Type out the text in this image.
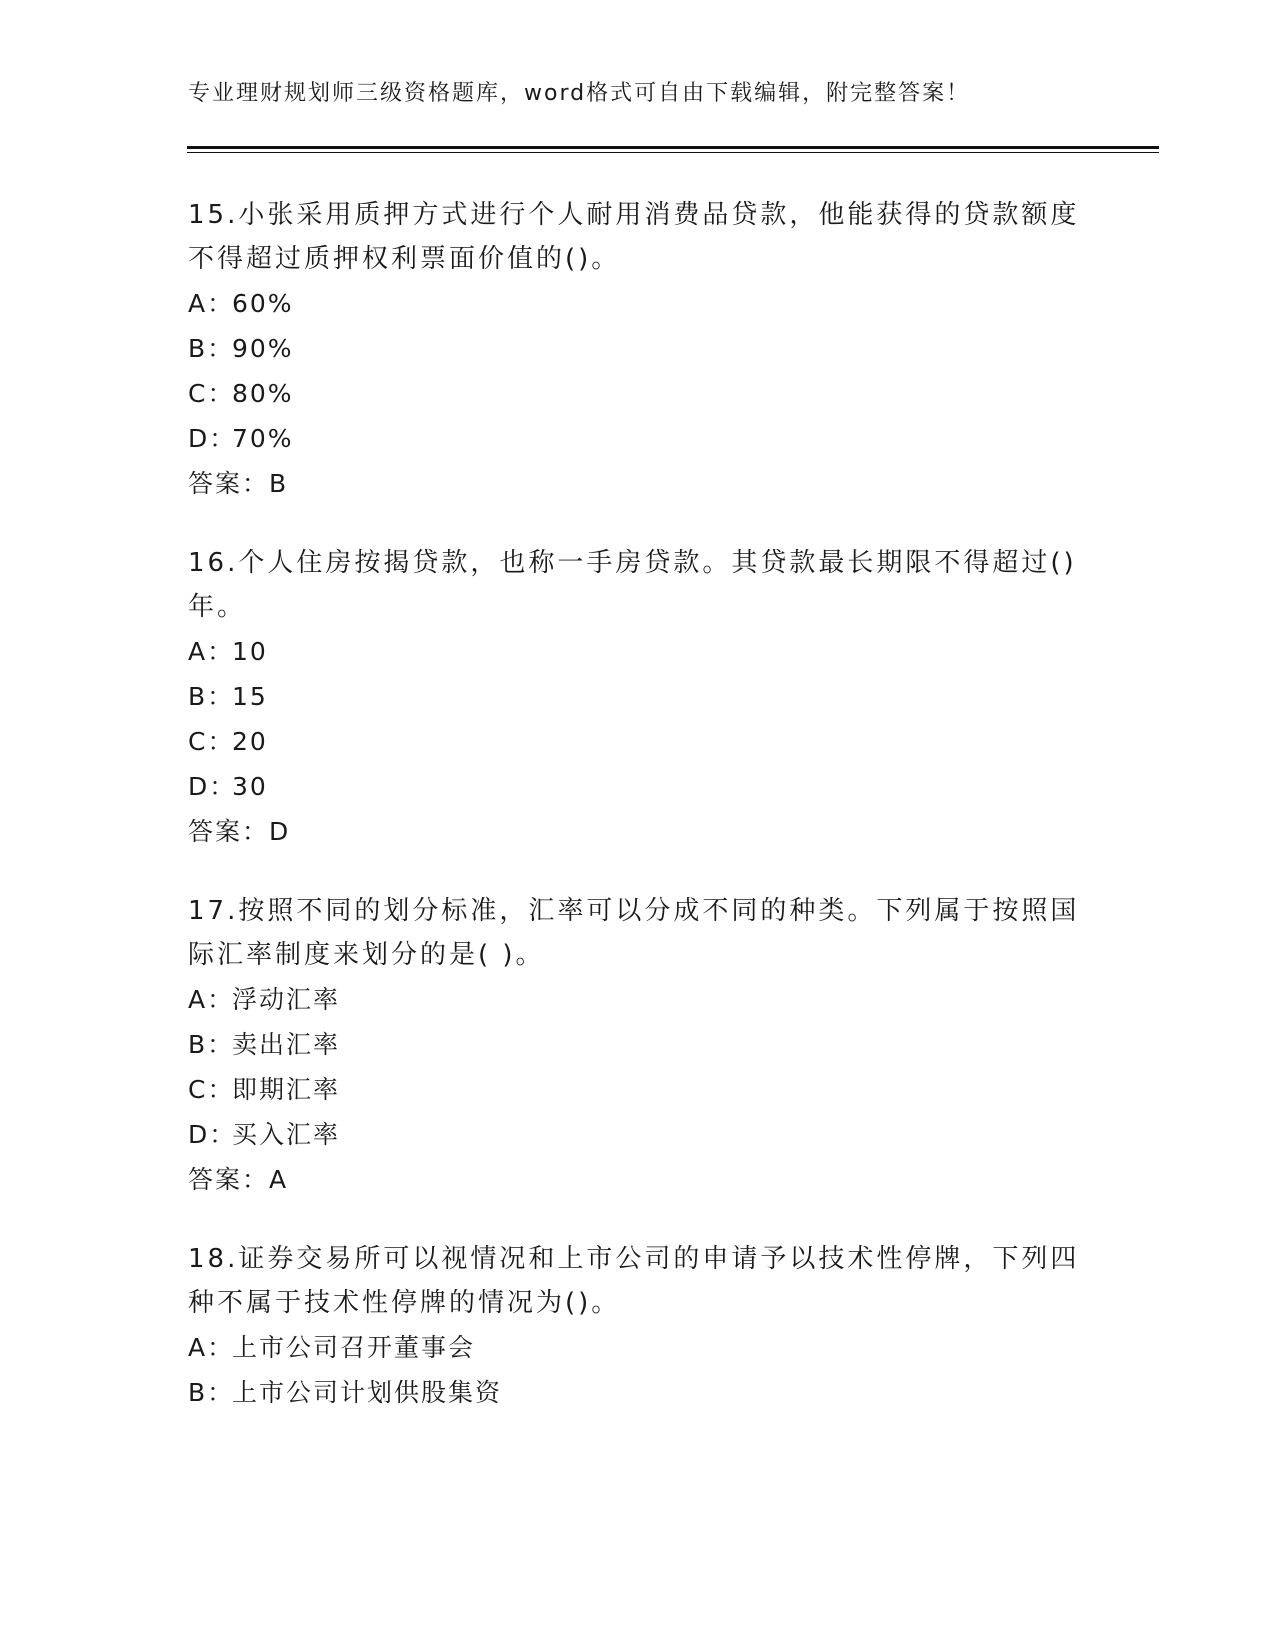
专业理财规划师三级资格题库，word格式可自由下载编辑，附完整答案！

15.小张采用质押方式进行个人耐用消费品贷款，他能获得的贷款额度
不得超过质押权利票面价值的()。

A：
60%
B：
90%
C：
80%
D：
70%
答案：B

16.个人住房按揭贷款，也称一手房贷款。其贷款最长期限不得超过()
年。

A：
10
B：
15
C：
20
D：
30
答案：D

17.按照不同的划分标准，汇率可以分成不同的种类。下列属于按照国
际汇率制度来划分的是( )。

A：
浮动汇率
B：
卖出汇率
C：
即期汇率
D：
买入汇率
答案：A

18.证券交易所可以视情况和上市公司的申请予以技术性停牌，下列四
种不属于技术性停牌的情况为()。

A：
上市公司召开董事会
B：
上市公司计划供股集资
